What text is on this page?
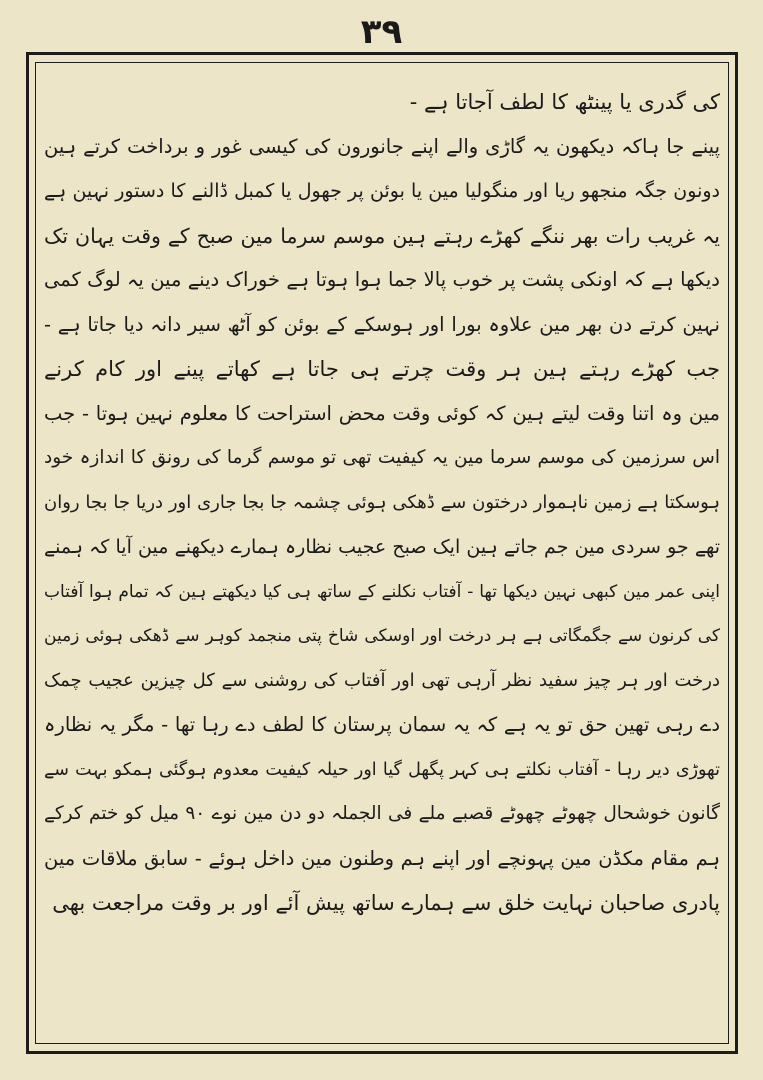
۳۹
کی گدری یا پینٹھ کا لطف آجاتا ہے -
پینے جا ہاکہ دیکھون یہ گاڑی والے اپنے جانورون کی کیسی غور و برداخت کرتے ہین
دونون جگہ منجھو ریا اور منگولیا مین یا بوئن پر جھول یا کمبل ڈالنے کا دستور نہین ہے
یہ غریب رات بھر ننگے کھڑے رہتے ہین موسم سرما مین صبح کے وقت یہان تک
دیکھا ہے کہ اونکی پشت پر خوب پالا جما ہوا ہوتا ہے خوراک دینے مین یہ لوگ کمی
نہین کرتے دن بھر مین علاوہ بورا اور ہوسکے کے بوئن کو آٹھ سیر دانہ دیا جاتا ہے -
جب کھڑے رہتے ہین ہر وقت چرتے ہی جاتا ہے کھاتے پینے اور کام کرنے
مین وہ اتنا وقت لیتے ہین کہ کوئی وقت محض استراحت کا معلوم نہین ہوتا - جب
اس سرزمین کی موسم سرما مین یہ کیفیت تھی تو موسم گرما کی رونق کا اندازہ خود
ہوسکتا ہے زمین ناہموار درختون سے ڈھکی ہوئی چشمہ جا بجا جاری اور دریا جا بجا روان
تھے جو سردی مین جم جاتے ہین ایک صبح عجیب نظارہ ہمارے دیکھنے مین آیا کہ ہمنے
اپنی عمر مین کبھی نہین دیکھا تھا - آفتاب نکلنے کے ساتھ ہی کیا دیکھتے ہین کہ تمام ہوا آفتاب
کی کرنون سے جگمگاتی ہے ہر درخت اور اوسکی شاخ پتی منجمد کوہر سے ڈھکی ہوئی زمین
درخت اور ہر چیز سفید نظر آرہی تھی اور آفتاب کی روشنی سے کل چیزین عجیب چمک
دے رہی تھین حق تو یہ ہے کہ یہ سمان پرستان کا لطف دے رہا تھا - مگر یہ نظارہ
تھوڑی دیر رہا - آفتاب نکلتے ہی کہر پگھل گیا اور حیلہ کیفیت معدوم ہوگئی ہمکو بہت سے
گانون خوشحال چھوٹے چھوٹے قصبے ملے فی الجملہ دو دن مین نوے ۹۰ میل کو ختم کرکے
ہم مقام مکڈن مین پہونچے اور اپنے ہم وطنون مین داخل ہوئے - سابق ملاقات مین
پادری صاحبان نہایت خلق سے ہمارے ساتھ پیش آئے اور بر وقت مراجعت بھی
